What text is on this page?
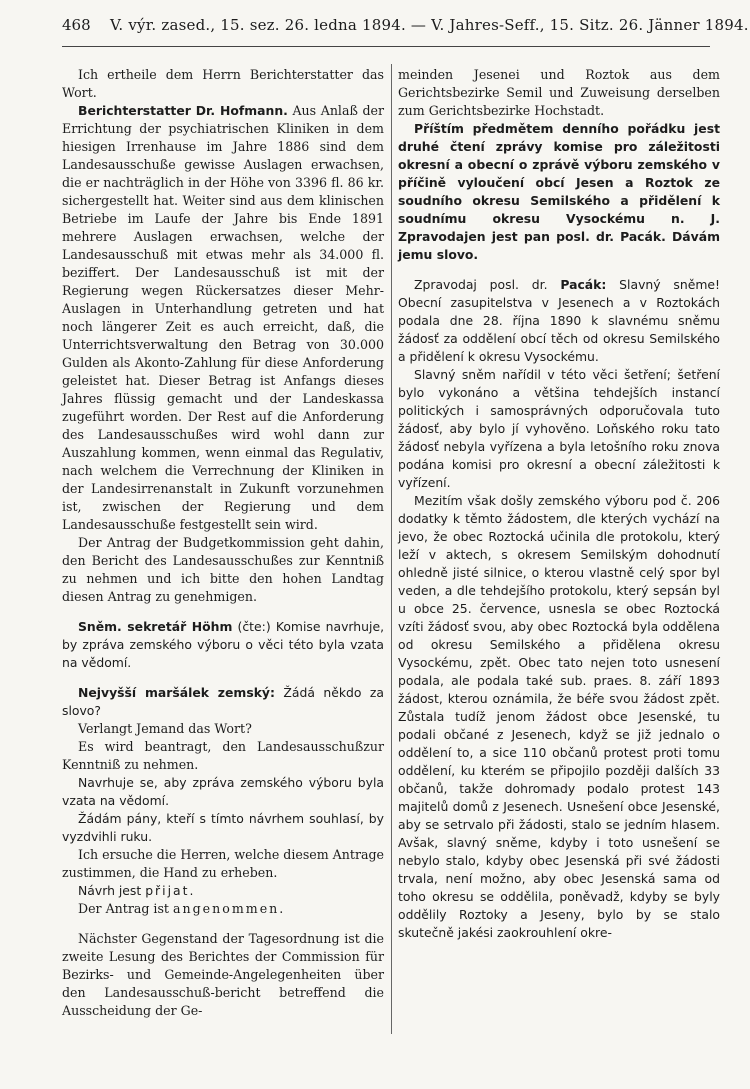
468 V. výr. zased., 15. sez. 26. ledna 1894. — V. Jahres-Seff., 15. Sitz. 26. Jänner 1894.

Ich ertheile dem Herrn Berichterstatter das Wort.

Berichterstatter Dr. Hofmann. Aus Anlaß der Errichtung der psychiatrischen Kliniken in dem hiesigen Irrenhause im Jahre 1886 sind dem Landesausschuße gewisse Auslagen erwachsen, die er nachträglich in der Höhe von 3396 fl. 86 kr. sichergestellt hat. Weiter sind aus dem klinischen Betriebe im Laufe der Jahre bis Ende 1891 mehrere Auslagen erwachsen, welche der Landesausschuß mit etwas mehr als 34.000 fl. beziffert. Der Landesausschuß ist mit der Regierung wegen Rückersatzes dieser Mehr-Auslagen in Unterhandlung getreten und hat noch längerer Zeit es auch erreicht, daß, die Unterrichtsverwaltung den Betrag von 30.000 Gulden als Akonto-Zahlung für diese Anforderung geleistet hat. Dieser Betrag ist Anfangs dieses Jahres flüssig gemacht und der Landeskassa zugeführt worden. Der Rest auf die Anforderung des Landesausschußes wird wohl dann zur Auszahlung kommen, wenn einmal das Regulativ, nach welchem die Verrechnung der Kliniken in der Landesirrenanstalt in Zukunft vorzunehmen ist, zwischen der Regierung und dem Landesausschuße festgestellt sein wird.

Der Antrag der Budgetkommission geht dahin, den Bericht des Landesausschußes zur Kenntniß zu nehmen und ich bitte den hohen Landtag diesen Antrag zu genehmigen.

Sněm. sekretář Höhm (čte:) Komise navrhuje, by zpráva zemského výboru o věci této byla vzata na vědomí.

Nejvyšší maršálek zemský: Žádá někdo za slovo?

Verlangt Jemand das Wort?

Es wird beantragt, den Landesausschußzur Kenntniß zu nehmen.

Navrhuje se, aby zpráva zemského výboru byla vzata na vědomí.

Žádám pány, kteří s tímto návrhem souhlasí, by vyzdvihli ruku.

Ich ersuche die Herren, welche diesem Antrage zustimmen, die Hand zu erheben.

Návrh jest přijat.

Der Antrag ist angenommen.

Nächster Gegenstand der Tagesordnung ist die zweite Lesung des Berichtes der Commission für Bezirks- und Gemeinde-Angelegenheiten über den Landesausschuß-bericht betreffend die Ausscheidung der Ge-

meinden Jesenei und Roztok aus dem Gerichtsbezirke Semil und Zuweisung derselben zum Gerichtsbezirke Hochstadt.

Příštím předmětem denního pořádku jest druhé čtení zprávy komise pro záležitosti okresní a obecní o zprávě výboru zemského v příčině vyloučení obcí Jesen a Roztok ze soudního okresu Semilského a přidělení k soudnímu okresu Vysockému n. J. Zpravodajen jest pan posl. dr. Pacák. Dávám jemu slovo.

Zpravodaj posl. dr. Pacák: Slavný sněme! Obecní zasupitelstva v Jesenech a v Roztokách podala dne 28. října 1890 k slavnému sněmu žádosť za oddělení obcí těch od okresu Semilského a přidělení k okresu Vysockému.

Slavný sněm nařídil v této věci šetření; šetření bylo vykonáno a většina tehdejších instancí politických i samosprávných odporučovala tuto žádosť, aby bylo jí vyhověno. Loňského roku tato žádosť nebyla vyřízena a byla letošního roku znova podána komisi pro okresní a obecní záležitosti k vyřízení.

Mezitím však došly zemského výboru pod č. 206 dodatky k těmto žádostem, dle kterých vychází na jevo, že obec Roztocká učinila dle protokolu, který leží v aktech, s okresem Semilským dohodnutí ohledně jisté silnice, o kterou vlastně celý spor byl veden, a dle tehdejšího protokolu, který sepsán byl u obce 25. července, usnesla se obec Roztocká vzíti žádosť svou, aby obec Roztocká byla oddělena od okresu Semilského a přidělena okresu Vysockému, zpět. Obec tato nejen toto usnesení podala, ale podala také sub. praes. 8. září 1893 žádost, kterou oznámila, že béře svou žádost zpět. Zůstala tudíž jenom žádost obce Jesenské, tu podali občané z Jesenech, když se již jednalo o oddělení to, a sice 110 občanů protest proti tomu oddělení, ku kterém se připojilo později dalších 33 občanů, takže dohromady podalo protest 143 majitelů domů z Jesenech. Usnešení obce Jesenské, aby se setrvalo při žádosti, stalo se jedním hlasem. Avšak, slavný sněme, kdyby i toto usnešení se nebylo stalo, kdyby obec Jesenská při své žádosti trvala, není možno, aby obec Jesenská sama od toho okresu se oddělila, poněvadž, kdyby se byly oddělily Roztoky a Jeseny, bylo by se stalo skutečně jakési zaokrouhlení okre-
